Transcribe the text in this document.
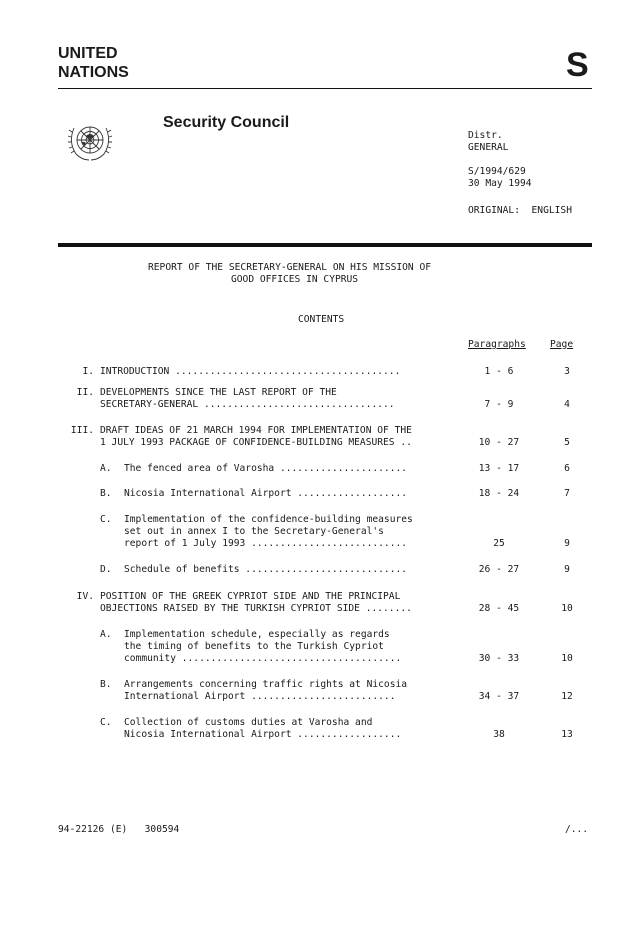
UNITED
NATIONS	S
Security Council
Distr.
GENERAL
S/1994/629
30 May 1994
ORIGINAL:  ENGLISH
REPORT OF THE SECRETARY-GENERAL ON HIS MISSION OF
GOOD OFFICES IN CYPRUS
CONTENTS
Paragraphs	Page
I. INTRODUCTION .......................................	1 - 6	3
II. DEVELOPMENTS SINCE THE LAST REPORT OF THE
SECRETARY-GENERAL .................................	7 - 9	4
III. DRAFT IDEAS OF 21 MARCH 1994 FOR IMPLEMENTATION OF THE
1 JULY 1993 PACKAGE OF CONFIDENCE-BUILDING MEASURES ..	10 - 27	5
A. The fenced area of Varosha ......................	13 - 17	6
B. Nicosia International Airport ...................	18 - 24	7
C. Implementation of the confidence-building measures
set out in annex I to the Secretary-General's
report of 1 July 1993 ...........................	25	9
D. Schedule of benefits ............................	26 - 27	9
IV. POSITION OF THE GREEK CYPRIOT SIDE AND THE PRINCIPAL
OBJECTIONS RAISED BY THE TURKISH CYPRIOT SIDE ........	28 - 45	10
A. Implementation schedule, especially as regards
the timing of benefits to the Turkish Cypriot
community ......................................	30 - 33	10
B. Arrangements concerning traffic rights at Nicosia
International Airport .........................	34 - 37	12
C. Collection of customs duties at Varosha and
Nicosia International Airport ..................	38	13
94-22126 (E)   300594	/...
